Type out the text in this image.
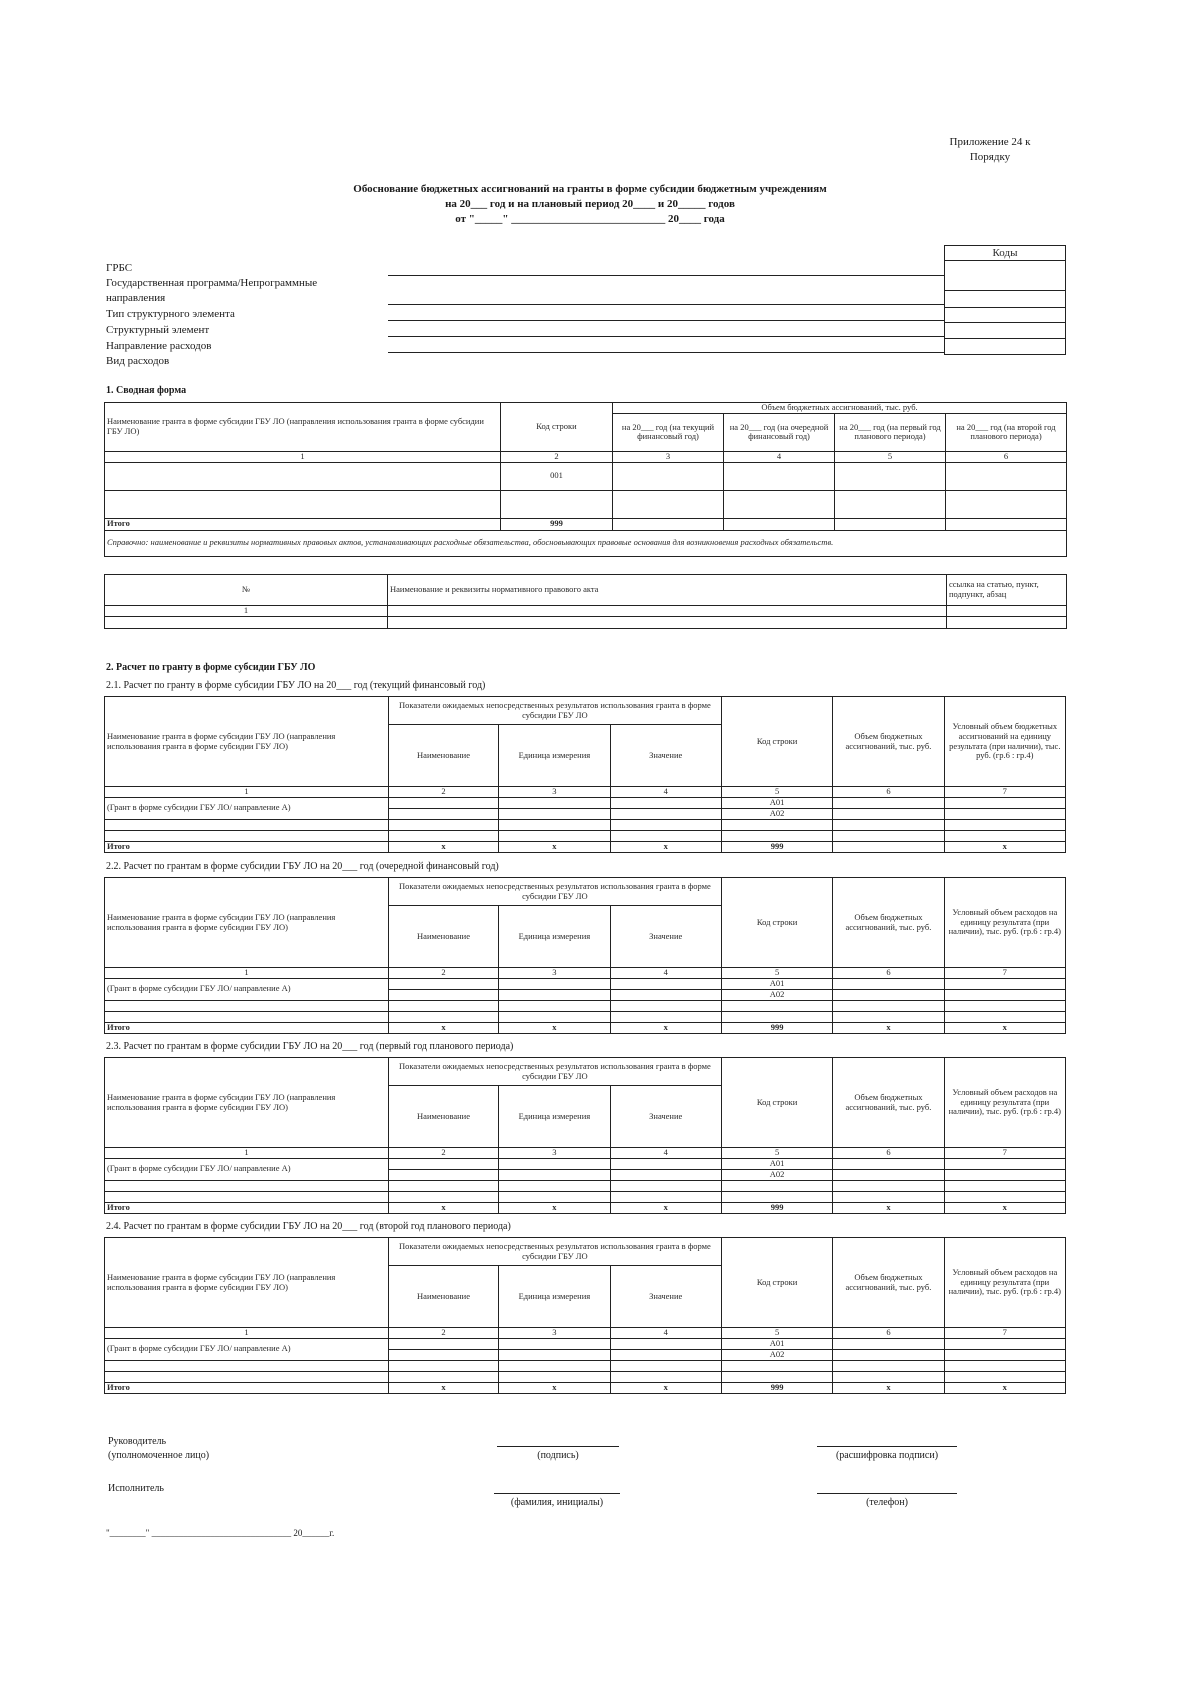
Приложение 24 к
Порядку
Обоснование бюджетных ассигнований на гранты в форме субсидии бюджетным учреждениям
на 20___ год и на плановый период 20____ и 20_____ годов
от "_____" ____________________________ 20____ года
ГРБС
Государственная программа/Непрограммные
направления
Тип структурного элемента
Структурный элемент
Направление расходов
Вид расходов
Коды

1. Сводная форма
Наименование гранта в форме субсидии ГБУ ЛО (направления использования гранта в форме субсидии ГБУ ЛО)	Код строки	Объем бюджетных ассигнований, тыс. руб.			
		на 20___ год (на текущий финансовый год)	на 20___ год (на очередной финансовый год)	на 20___ год (на первый год планового периода)	на 20___ год (на второй год планового периода)
1	2	3	4	5	6
	001				

Итого	999				
Справочно: наименование и реквизиты нормативных правовых актов, устанавливающих расходные обязательства, обосновывающих правовые основания для возникновения расходных обязательств.					
№	Наименование и реквизиты нормативного правового акта	ссылка на статью, пункт, подпункт, абзац
1		

2. Расчет по гранту в форме субсидии ГБУ ЛО
2.1. Расчет по гранту в форме субсидии ГБУ ЛО на 20___ год (текущий финансовый год)
Наименование гранта в форме субсидии ГБУ ЛО (направления использования гранта в форме субсидии ГБУ ЛО)	Показатели ожидаемых непосредственных результатов использования гранта в форме субсидии ГБУ ЛО			Код строки	Объем бюджетных ассигнований, тыс. руб.	Условный объем бюджетных ассигнований на единицу результата (при наличии), тыс. руб. (гр.6 : гр.4)
	Наименование	Единица измерения	Значение			
1	2	3	4	5	6	7
(Грант в форме субсидии ГБУ ЛО/ направление А)				А01		
				А02		

Итого	x	x	x	999		x
2.2. Расчет по грантам в форме субсидии ГБУ ЛО на 20___ год (очередной финансовый год)
Наименование гранта в форме субсидии ГБУ ЛО (направления использования гранта в форме субсидии ГБУ ЛО)	Показатели ожидаемых непосредственных результатов использования гранта в форме субсидии ГБУ ЛО			Код строки	Объем бюджетных ассигнований, тыс. руб.	Условный объем расходов на единицу результата (при наличии), тыс. руб. (гр.6 : гр.4)
	Наименование	Единица измерения	Значение			
1	2	3	4	5	6	7
(Грант в форме субсидии ГБУ ЛО/ направление А)				А01		
				А02		

Итого	x	x	x	999	x	x
2.3. Расчет по грантам в форме субсидии ГБУ ЛО на 20___ год (первый год планового периода)
Наименование гранта в форме субсидии ГБУ ЛО (направления использования гранта в форме субсидии ГБУ ЛО)	Показатели ожидаемых непосредственных результатов использования гранта в форме субсидии ГБУ ЛО			Код строки	Объем бюджетных ассигнований, тыс. руб.	Условный объем расходов на единицу результата (при наличии), тыс. руб. (гр.6 : гр.4)
	Наименование	Единица измерения	Значение			
1	2	3	4	5	6	7
(Грант в форме субсидии ГБУ ЛО/ направление А)				А01		
				А02		

Итого	x	x	x	999	x	x
2.4. Расчет по грантам в форме субсидии ГБУ ЛО на 20___ год (второй год планового периода)
Наименование гранта в форме субсидии ГБУ ЛО (направления использования гранта в форме субсидии ГБУ ЛО)	Показатели ожидаемых непосредственных результатов использования гранта в форме субсидии ГБУ ЛО			Код строки	Объем бюджетных ассигнований, тыс. руб.	Условный объем расходов на единицу результата (при наличии), тыс. руб. (гр.6 : гр.4)
	Наименование	Единица измерения	Значение			
1	2	3	4	5	6	7
(Грант в форме субсидии ГБУ ЛО/ направление А)				А01		
				А02		

Итого	x	x	x	999	x	x
Руководитель
(уполномоченное лицо)	(подпись)	(расшифровка подписи)
Исполнитель
(фамилия, инициалы)	(телефон)
"________" _______________________________ 20______г.
